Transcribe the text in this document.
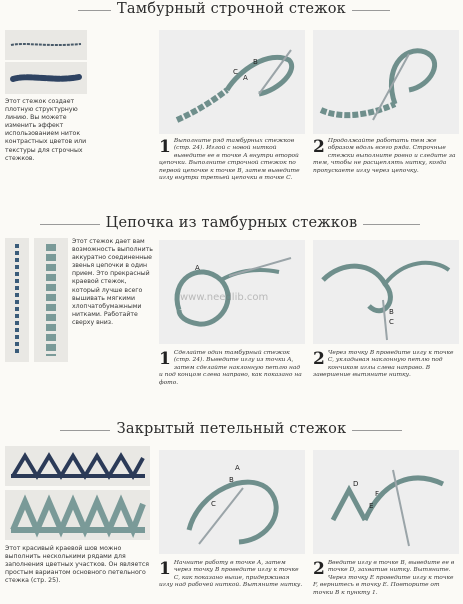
Тамбурный строчной стежок
Этот стежок создает плотную структурную линию. Вы можете изменить эффект использованием ниток контрастных цветов или текстуры для строчных стежков.
C
A
B
1 Выполните ряд тамбурных стежков (стр. 24). Иглой с новой ниткой выведите ее в точке A внутри второй цепочки. Выполните строчной стежок по первой цепочке к точке B, затем выведите иглу внутри третьей цепочки в точке C.
2 Продолжайте работать тем же образом вдоль всего ряда. Строчные стежки выполните ровно и следите за тем, чтобы не расщеплять нитку, когда пропускаете иглу через цепочку.
Цепочка из тамбурных стежков
Этот стежок дает вам возможность выполнить аккуратно соединенные звенья цепочки в один прием. Это прекрасный краевой стежок, который лучше всего вышивать мягкими хлопчатобумажными нитками. Работайте сверху вниз.
A
B
C
www.needlib.com
1 Сделайте один тамбурный стежок (стр. 24). Выведите иглу из точки A, затем сделайте наклонную петлю над и под концом слева направо, как показано на фото.
2 Через точку B проведите иглу к точке C, укладывая наклонную петлю под кончиком иглы слева направо. В завершение вытяните нитку.
Закрытый петельный стежок
Этот красивый краевой шов можно выполнить несколькими рядами для заполнения цветных участков. Он является простым вариантом основного петельного стежка (стр. 25).
A
B
C
D
E
F
1 Начните работу в точке A, затем через точку B проведите иглу к точке C, как показано выше, придерживая иглу над рабочей ниткой. Вытяните нитку.
2 Введите иглу в точке B, выведите ее в точке D, захватив нитку. Вытяните. Через точку E проведите иглу к точке F, вернитесь в точку E. Повторите от точки B к пункту 1.
